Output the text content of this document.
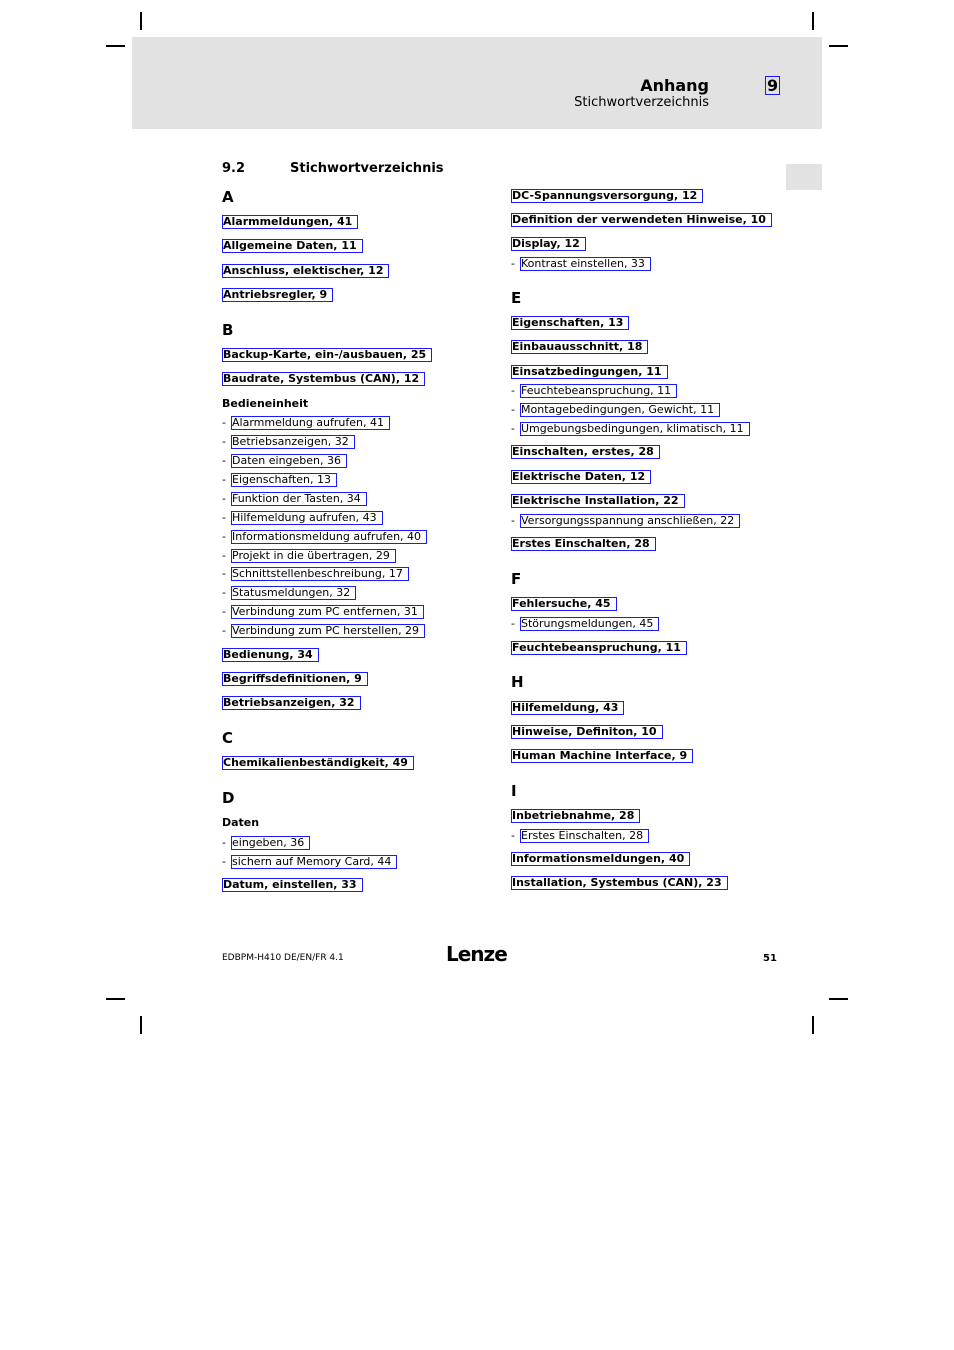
Anhang
Stichwortverzeichnis
9
9.2	Stichwortverzeichnis
A
Alarmmeldungen, 41
Allgemeine Daten, 11
Anschluss, elektischer, 12
Antriebsregler, 9
B
Backup-Karte, ein-/ausbauen, 25
Baudrate, Systembus (CAN), 12
Bedieneinheit
- Alarmmeldung aufrufen, 41
- Betriebsanzeigen, 32
- Daten eingeben, 36
- Eigenschaften, 13
- Funktion der Tasten, 34
- Hilfemeldung aufrufen, 43
- Informationsmeldung aufrufen, 40
- Projekt in die übertragen, 29
- Schnittstellenbeschreibung, 17
- Statusmeldungen, 32
- Verbindung zum PC entfernen, 31
- Verbindung zum PC herstellen, 29
Bedienung, 34
Begriffsdefinitionen, 9
Betriebsanzeigen, 32
C
Chemikalienbeständigkeit, 49
D
Daten
- eingeben, 36
- sichern auf Memory Card, 44
Datum, einstellen, 33
DC-Spannungsversorgung, 12
Definition der verwendeten Hinweise, 10
Display, 12
- Kontrast einstellen, 33
E
Eigenschaften, 13
Einbauausschnitt, 18
Einsatzbedingungen, 11
- Feuchtebeanspruchung, 11
- Montagebedingungen, Gewicht, 11
- Umgebungsbedingungen, klimatisch, 11
Einschalten, erstes, 28
Elektrische Daten, 12
Elektrische Installation, 22
- Versorgungsspannung anschließen, 22
Erstes Einschalten, 28
F
Fehlersuche, 45
- Störungsmeldungen, 45
Feuchtebeanspruchung, 11
H
Hilfemeldung, 43
Hinweise, Definiton, 10
Human Machine Interface, 9
I
Inbetriebnahme, 28
- Erstes Einschalten, 28
Informationsmeldungen, 40
Installation, Systembus (CAN), 23
EDBPM-H410 DE/EN/FR 4.1	Lenze	51
